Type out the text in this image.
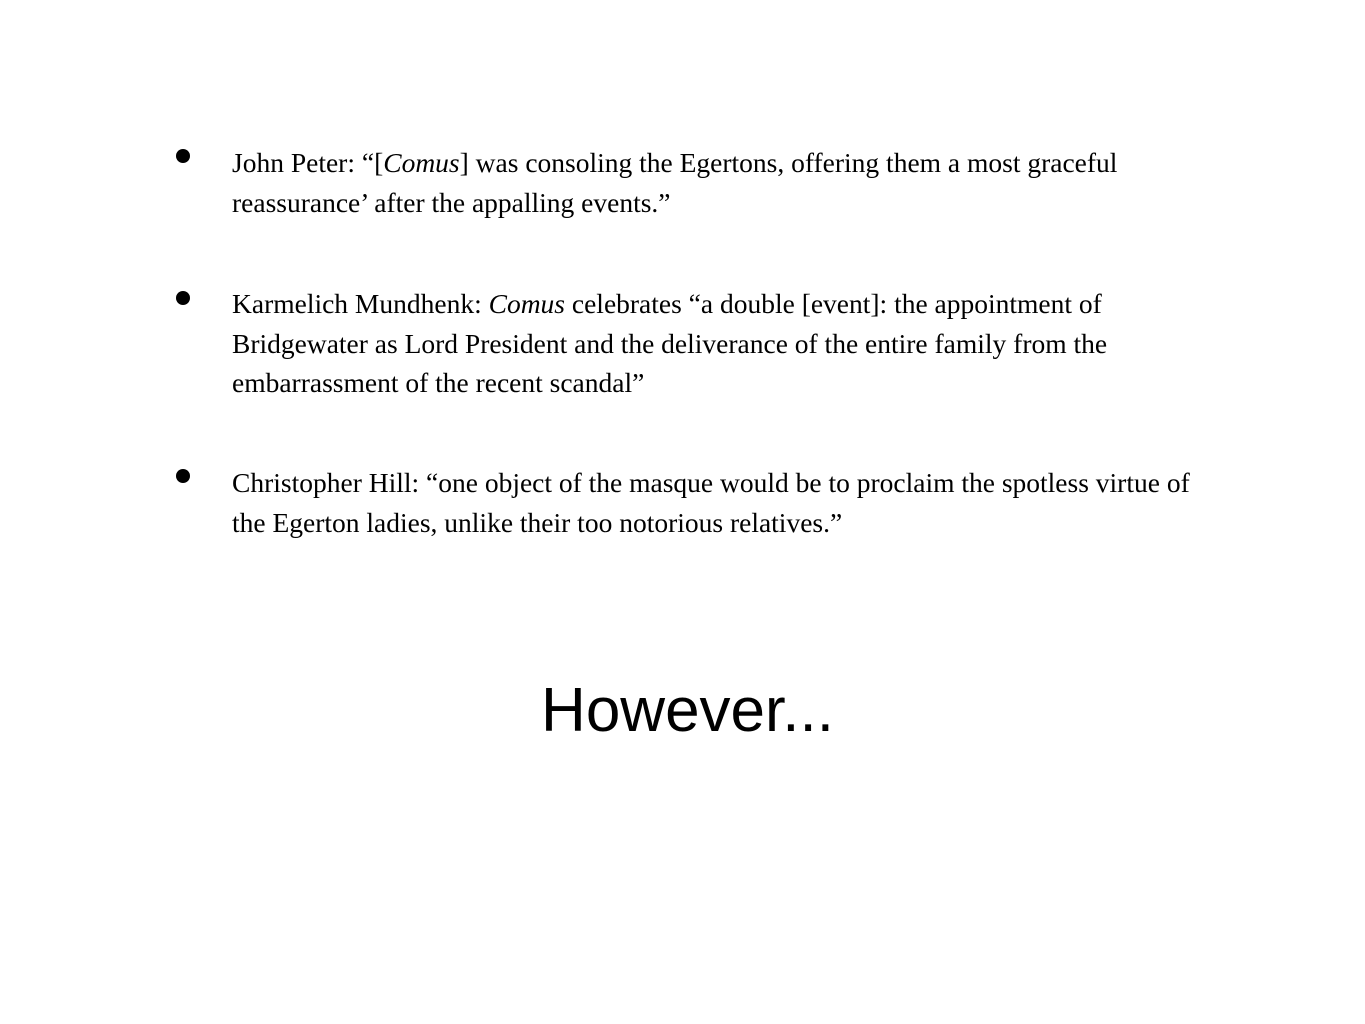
John Peter: “[Comus] was consoling the Egertons, offering them a most graceful reassurance’ after the appalling events.”

Karmelich Mundhenk: Comus celebrates “a double [event]: the appointment of Bridgewater as Lord President and the deliverance of the entire family from the embarrassment of the recent scandal”

Christopher Hill: “one object of the masque would be to proclaim the spotless virtue of the Egerton ladies, unlike their too notorious relatives.”

However...
